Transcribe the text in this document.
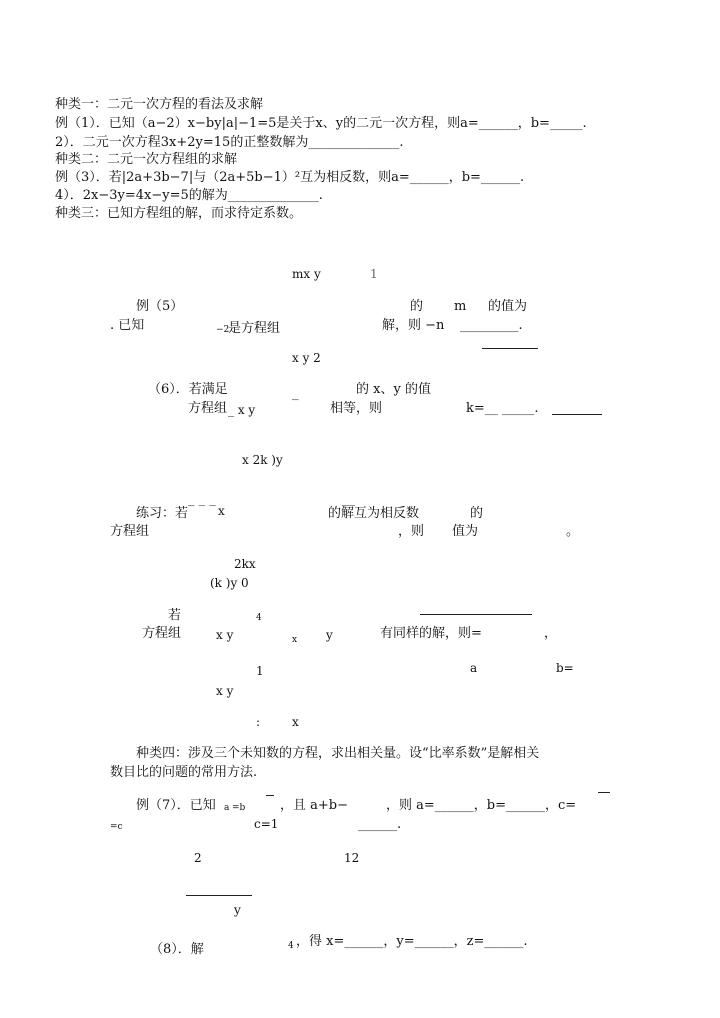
种类一：二元一次方程的看法及求解
例（1）．已知（a−2）x−by|a|−1=5是关于x、y的二元一次方程，则a=______，b=_____.
2）．二元一次方程3x+2y=15的正整数解为______________.
种类二：二元一次方程组的求解
例（3）．若|2a+3b−7|与（2a+5b−1）²互为相反数，则a=______，b=______.
4）．2x−3y=4x−y=5的解为______________.
种类三：已知方程组的解，而求待定系数。
mx y	1
例（5）	的 m 的值为
. 已知	−2
是方程组	解，则 −n _________.
x y 2
（6）．若满足	_	的 x、y 的值
方程组 _ x y	相等，则	k=__ _____.
x 2k )y
_ _ _
x
__
练习：若	的解互为相反数	的
方程组	，则 值为	。
2kx
(k )y 0
若	4
方程组	x y	x y	有同样的解，则=	，
1	a	b=
x y
:	x
种类四：涉及三个未知数的方程，求出相关量。设“比率系数”是解相关
数目比的问题的常用方法.
例（7）．已知 a =b	，且 a+b−	，则 a=______，b=______，c=
=c	c=1	______.
2	12
y
4 ，得 x=______，y=______，z=______.
（8）．解
